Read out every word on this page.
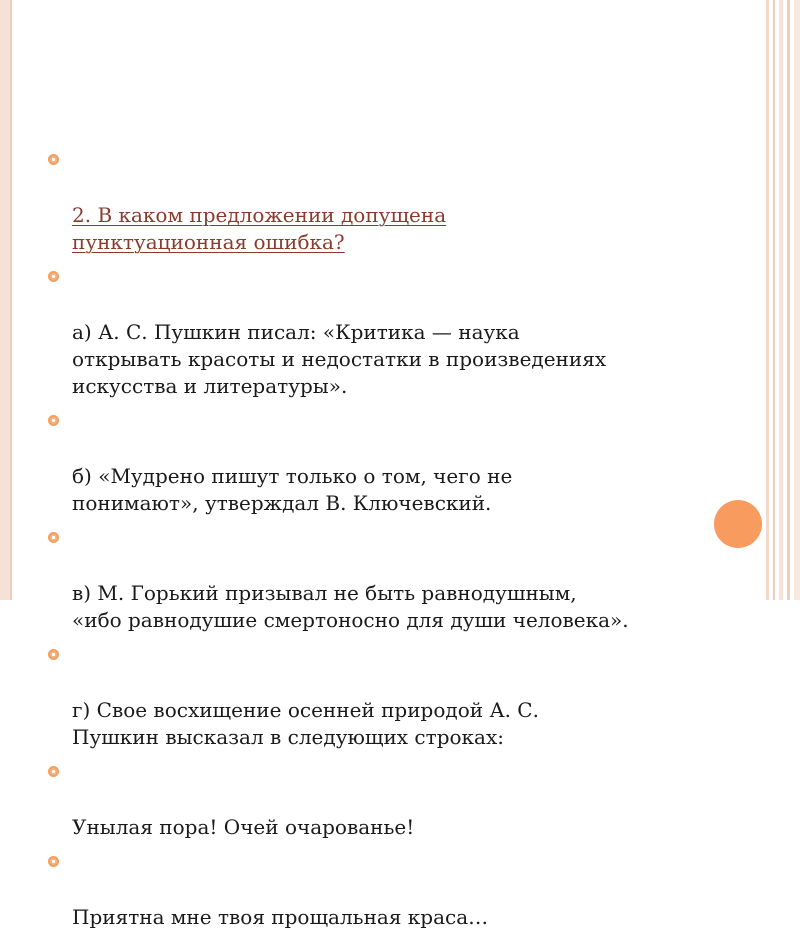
2. В каком предложении допущена
пунктуационная ошибка?

а) А. С. Пушкин писал: «Критика — наука
открывать красоты и недостатки в произведениях
искусства и литературы».

б) «Мудрено пишут только о том, чего не
понимают», утверждал В. Ключевский.

в) М. Горький призывал не быть равнодушным,
«ибо равнодушие смертоносно для души человека».

г) Свое восхищение осенней природой А. С.
Пушкин высказал в следующих строках:

Унылая пора! Очей очарованье!

Приятна мне твоя прощальная краса…
